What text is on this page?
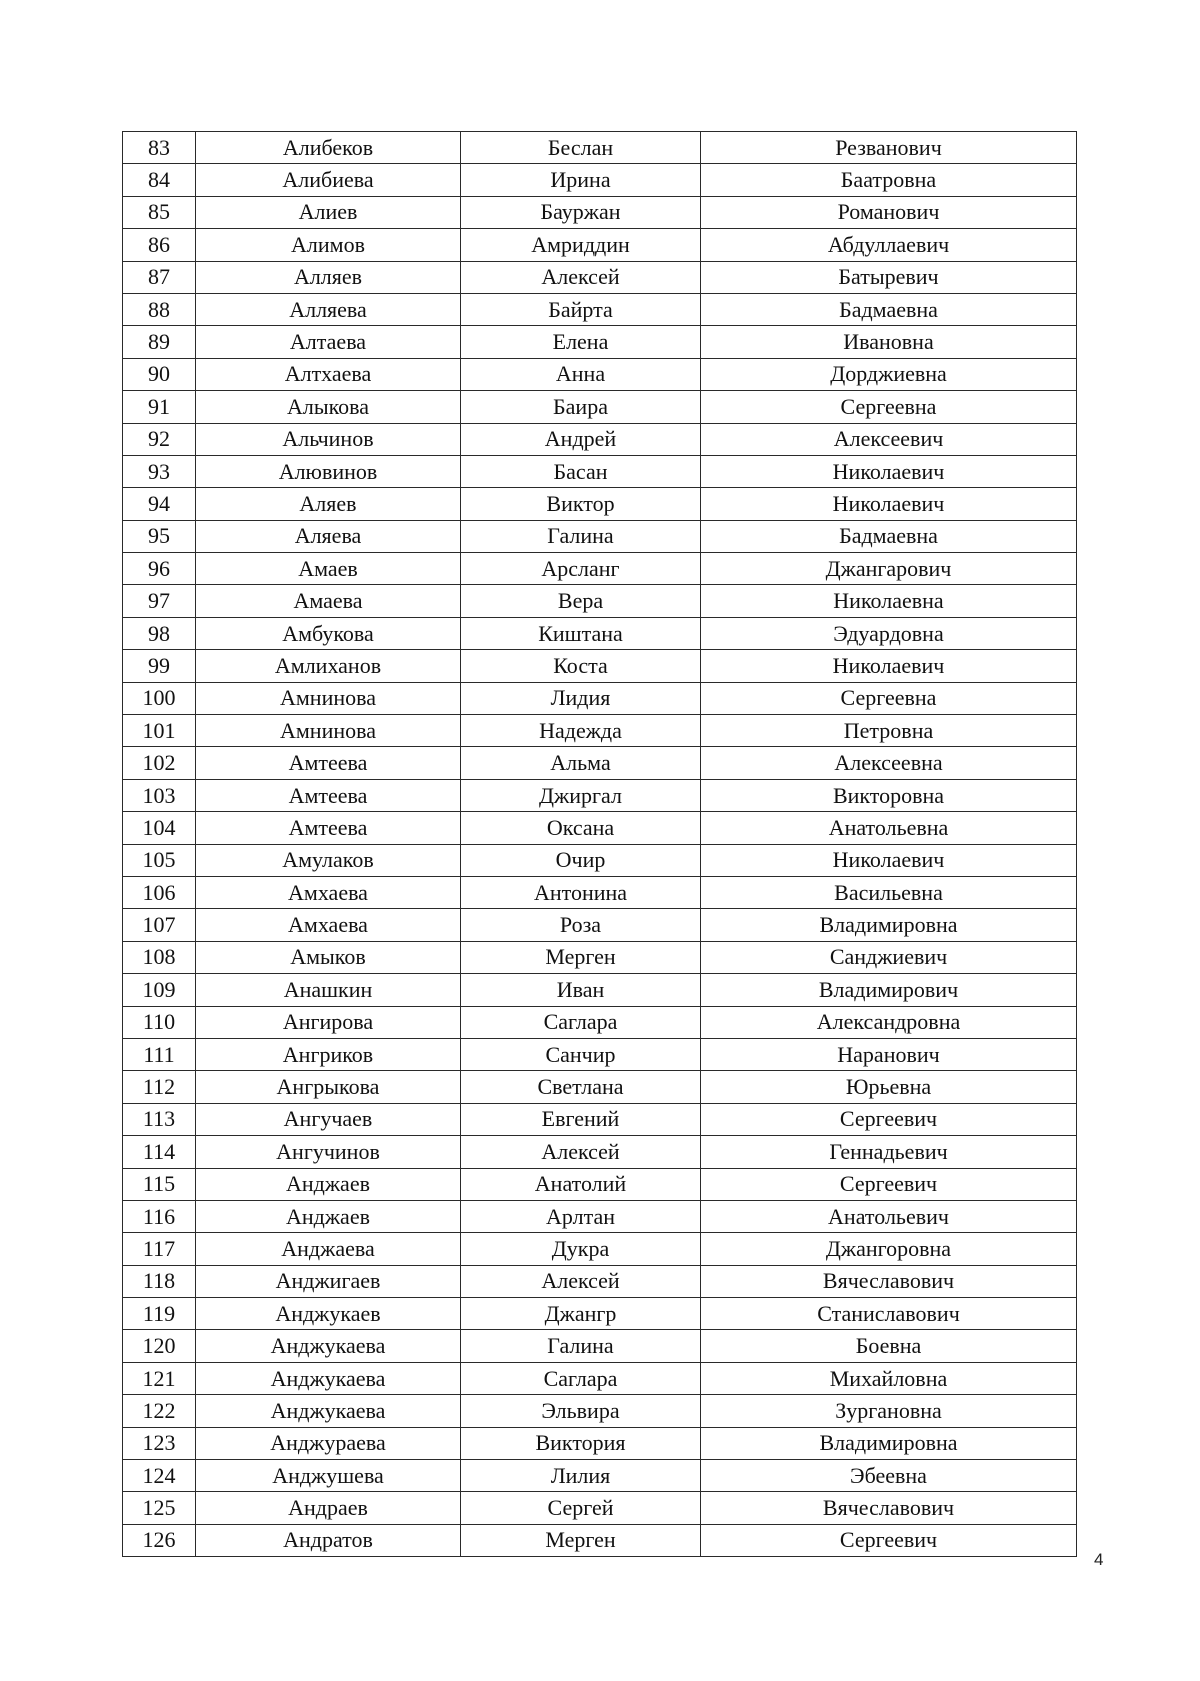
83	Алибеков	Беслан	Резванович
84	Алибиева	Ирина	Баатровна
85	Алиев	Бауржан	Романович
86	Алимов	Амриддин	Абдуллаевич
87	Алляев	Алексей	Батыревич
88	Алляева	Байрта	Бадмаевна
89	Алтаева	Елена	Ивановна
90	Алтхаева	Анна	Дорджиевна
91	Алыкова	Баира	Сергеевна
92	Альчинов	Андрей	Алексеевич
93	Алювинов	Басан	Николаевич
94	Аляев	Виктор	Николаевич
95	Аляева	Галина	Бадмаевна
96	Амаев	Арсланг	Джангарович
97	Амаева	Вера	Николаевна
98	Амбукова	Киштана	Эдуардовна
99	Амлиханов	Коста	Николаевич
100	Амнинова	Лидия	Сергеевна
101	Амнинова	Надежда	Петровна
102	Амтеева	Альма	Алексеевна
103	Амтеева	Джиргал	Викторовна
104	Амтеева	Оксана	Анатольевна
105	Амулаков	Очир	Николаевич
106	Амхаева	Антонина	Васильевна
107	Амхаева	Роза	Владимировна
108	Амыков	Мерген	Санджиевич
109	Анашкин	Иван	Владимирович
110	Ангирова	Саглара	Александровна
111	Ангриков	Санчир	Наранович
112	Ангрыкова	Светлана	Юрьевна
113	Ангучаев	Евгений	Сергеевич
114	Ангучинов	Алексей	Геннадьевич
115	Анджаев	Анатолий	Сергеевич
116	Анджаев	Арлтан	Анатольевич
117	Анджаева	Дукра	Джангоровна
118	Анджигаев	Алексей	Вячеславович
119	Анджукаев	Джангр	Станиславович
120	Анджукаева	Галина	Боевна
121	Анджукаева	Саглара	Михайловна
122	Анджукаева	Эльвира	Зургановна
123	Анджураева	Виктория	Владимировна
124	Анджушева	Лилия	Эбеевна
125	Андраев	Сергей	Вячеславович
126	Андратов	Мерген	Сергеевич
4
